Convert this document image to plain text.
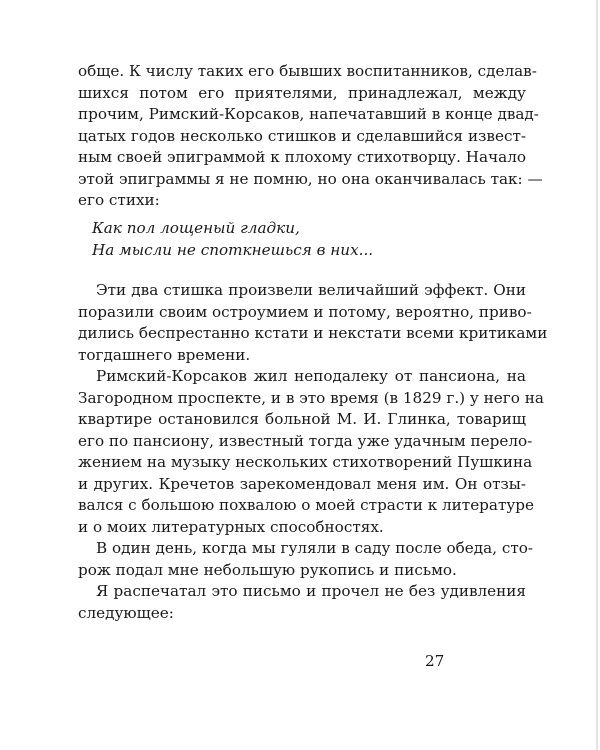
обще. К числу таких его бывших воспитанников, сделав-
шихся потом его приятелями, принадлежал, между
прочим, Римский-Корсаков, напечатавший в конце двад-
цатых годов несколько стишков и сделавшийся извест-
ным своей эпиграммой к плохому стихотворцу. Начало
этой эпиграммы я не помню, но она оканчивалась так: —
его стихи:
Как пол лощеный гладки,
На мысли не споткнешься в них...
Эти два стишка произвели величайший эффект. Они
поразили своим остроумием и потому, вероятно, приво-
дились беспрестанно кстати и некстати всеми критиками
тогдашнего времени.
Римский-Корсаков жил неподалеку от пансиона, на
Загородном проспекте, и в это время (в 1829 г.) у него на
квартире остановился больной М. И. Глинка, товарищ
его по пансиону, известный тогда уже удачным перело-
жением на музыку нескольких стихотворений Пушкина
и других. Кречетов зарекомендовал меня им. Он отзы-
вался с большою похвалою о моей страсти к литературе
и о моих литературных способностях.
В один день, когда мы гуляли в саду после обеда, сто-
рож подал мне небольшую рукопись и письмо.
Я распечатал это письмо и прочел не без удивления
следующее:
27
